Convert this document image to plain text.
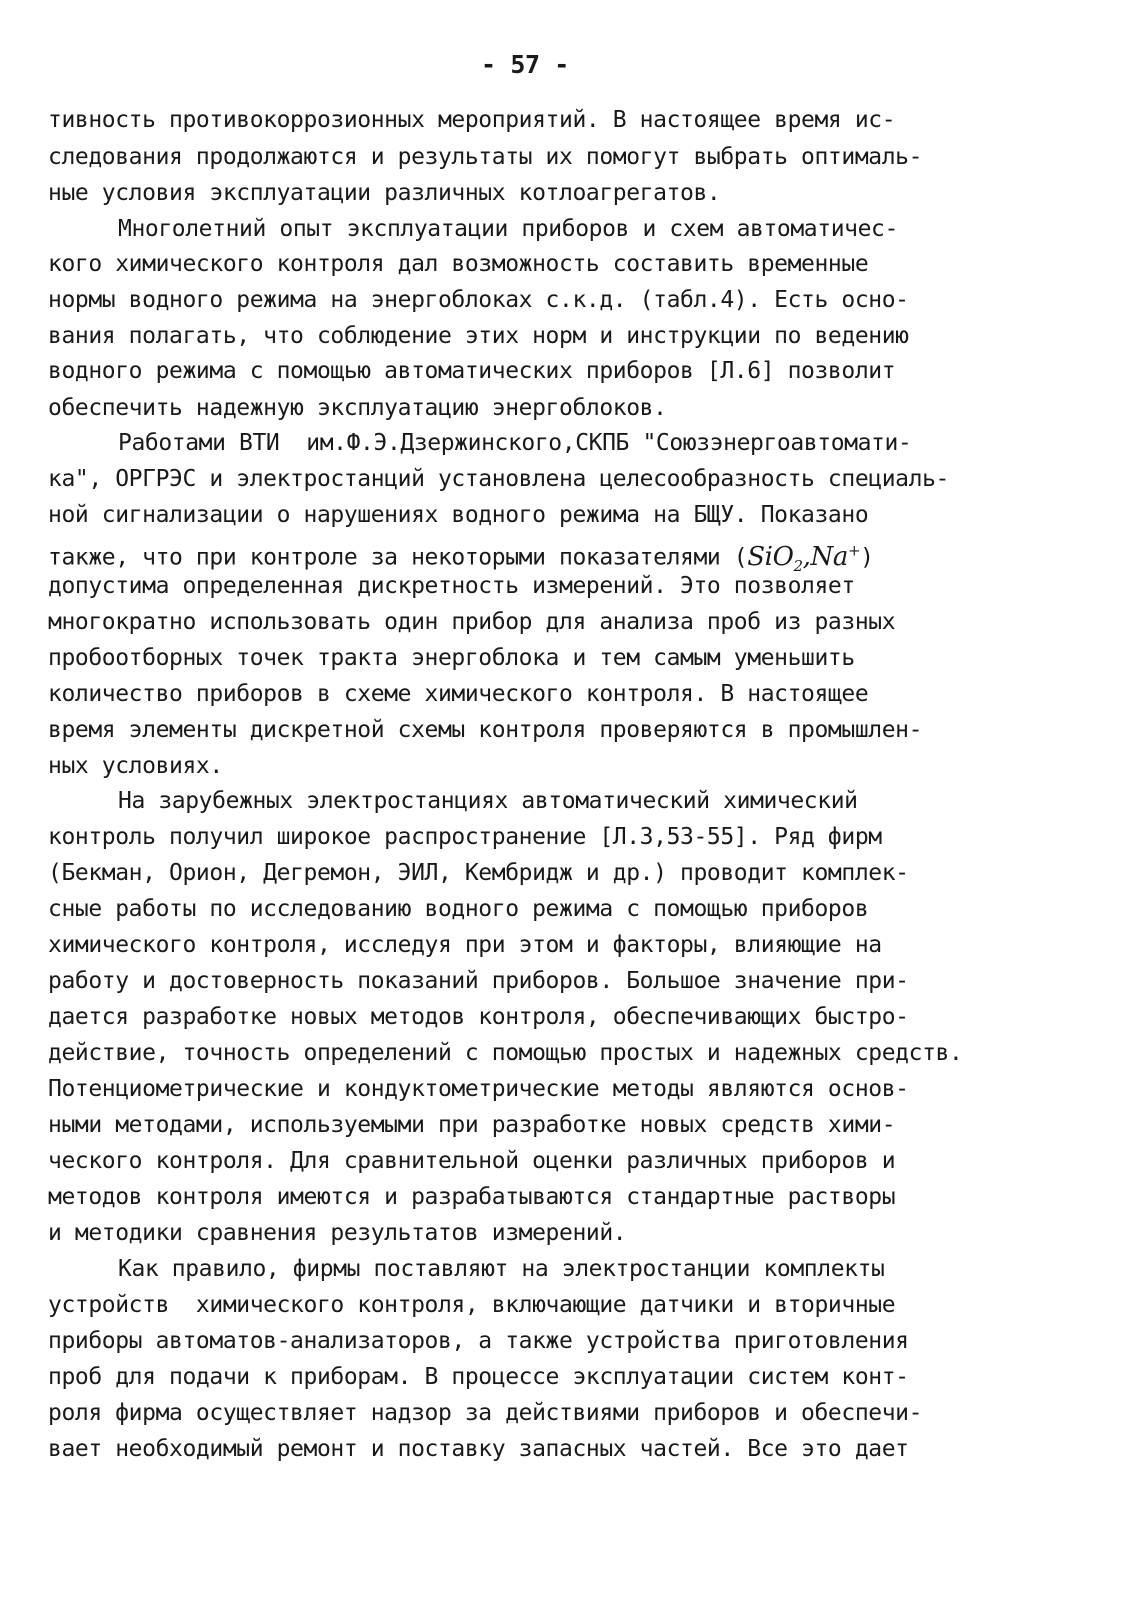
- 57 -
тивность противокоррозионных мероприятий. В настоящее время ис-
следования продолжаются и результаты их помогут выбрать оптималь-
ные условия эксплуатации различных котлоагрегатов.
Многолетний опыт эксплуатации приборов и схем автоматичес-
кого химического контроля дал возможность составить временные
нормы водного режима на энергоблоках с.к.д. (табл.4). Есть осно-
вания полагать, что соблюдение этих норм и инструкции по ведению
водного режима с помощью автоматических приборов [Л.6] позволит
обеспечить надежную эксплуатацию энергоблоков.
Работами ВТИ  им.Ф.Э.Дзержинского,СКПБ "Союзэнергоавтомати-
ка", ОРГРЭС и электростанций установлена целесообразность специаль-
ной сигнализации о нарушениях водного режима на БЩУ. Показано
также, что при контроле за некоторыми показателями (SiO$_2$,Na+)
допустима определенная дискретность измерений. Это позволяет
многократно использовать один прибор для анализа проб из разных
пробоотборных точек тракта энергоблока и тем самым уменьшить
количество приборов в схеме химического контроля. В настоящее
время элементы дискретной схемы контроля проверяются в промышлен-
ных условиях.
На зарубежных электростанциях автоматический химический
контроль получил широкое распространение [Л.3,53-55]. Ряд фирм
(Бекман, Орион, Дегремон, ЭИЛ, Кембридж и др.) проводит комплек-
сные работы по исследованию водного режима с помощью приборов
химического контроля, исследуя при этом и факторы, влияющие на
работу и достоверность показаний приборов. Большое значение при-
дается разработке новых методов контроля, обеспечивающих быстро-
действие, точность определений с помощью простых и надежных средств.
Потенциометрические и кондуктометрические методы являются основ-
ными методами, используемыми при разработке новых средств хими-
ческого контроля. Для сравнительной оценки различных приборов и
методов контроля имеются и разрабатываются стандартные растворы
и методики сравнения результатов измерений.
Как правило, фирмы поставляют на электростанции комплекты
устройств  химического контроля, включающие датчики и вторичные
приборы автоматов-анализаторов, а также устройства приготовления
проб для подачи к приборам. В процессе эксплуатации систем конт-
роля фирма осуществляет надзор за действиями приборов и обеспечи-
вает необходимый ремонт и поставку запасных частей. Все это дает
